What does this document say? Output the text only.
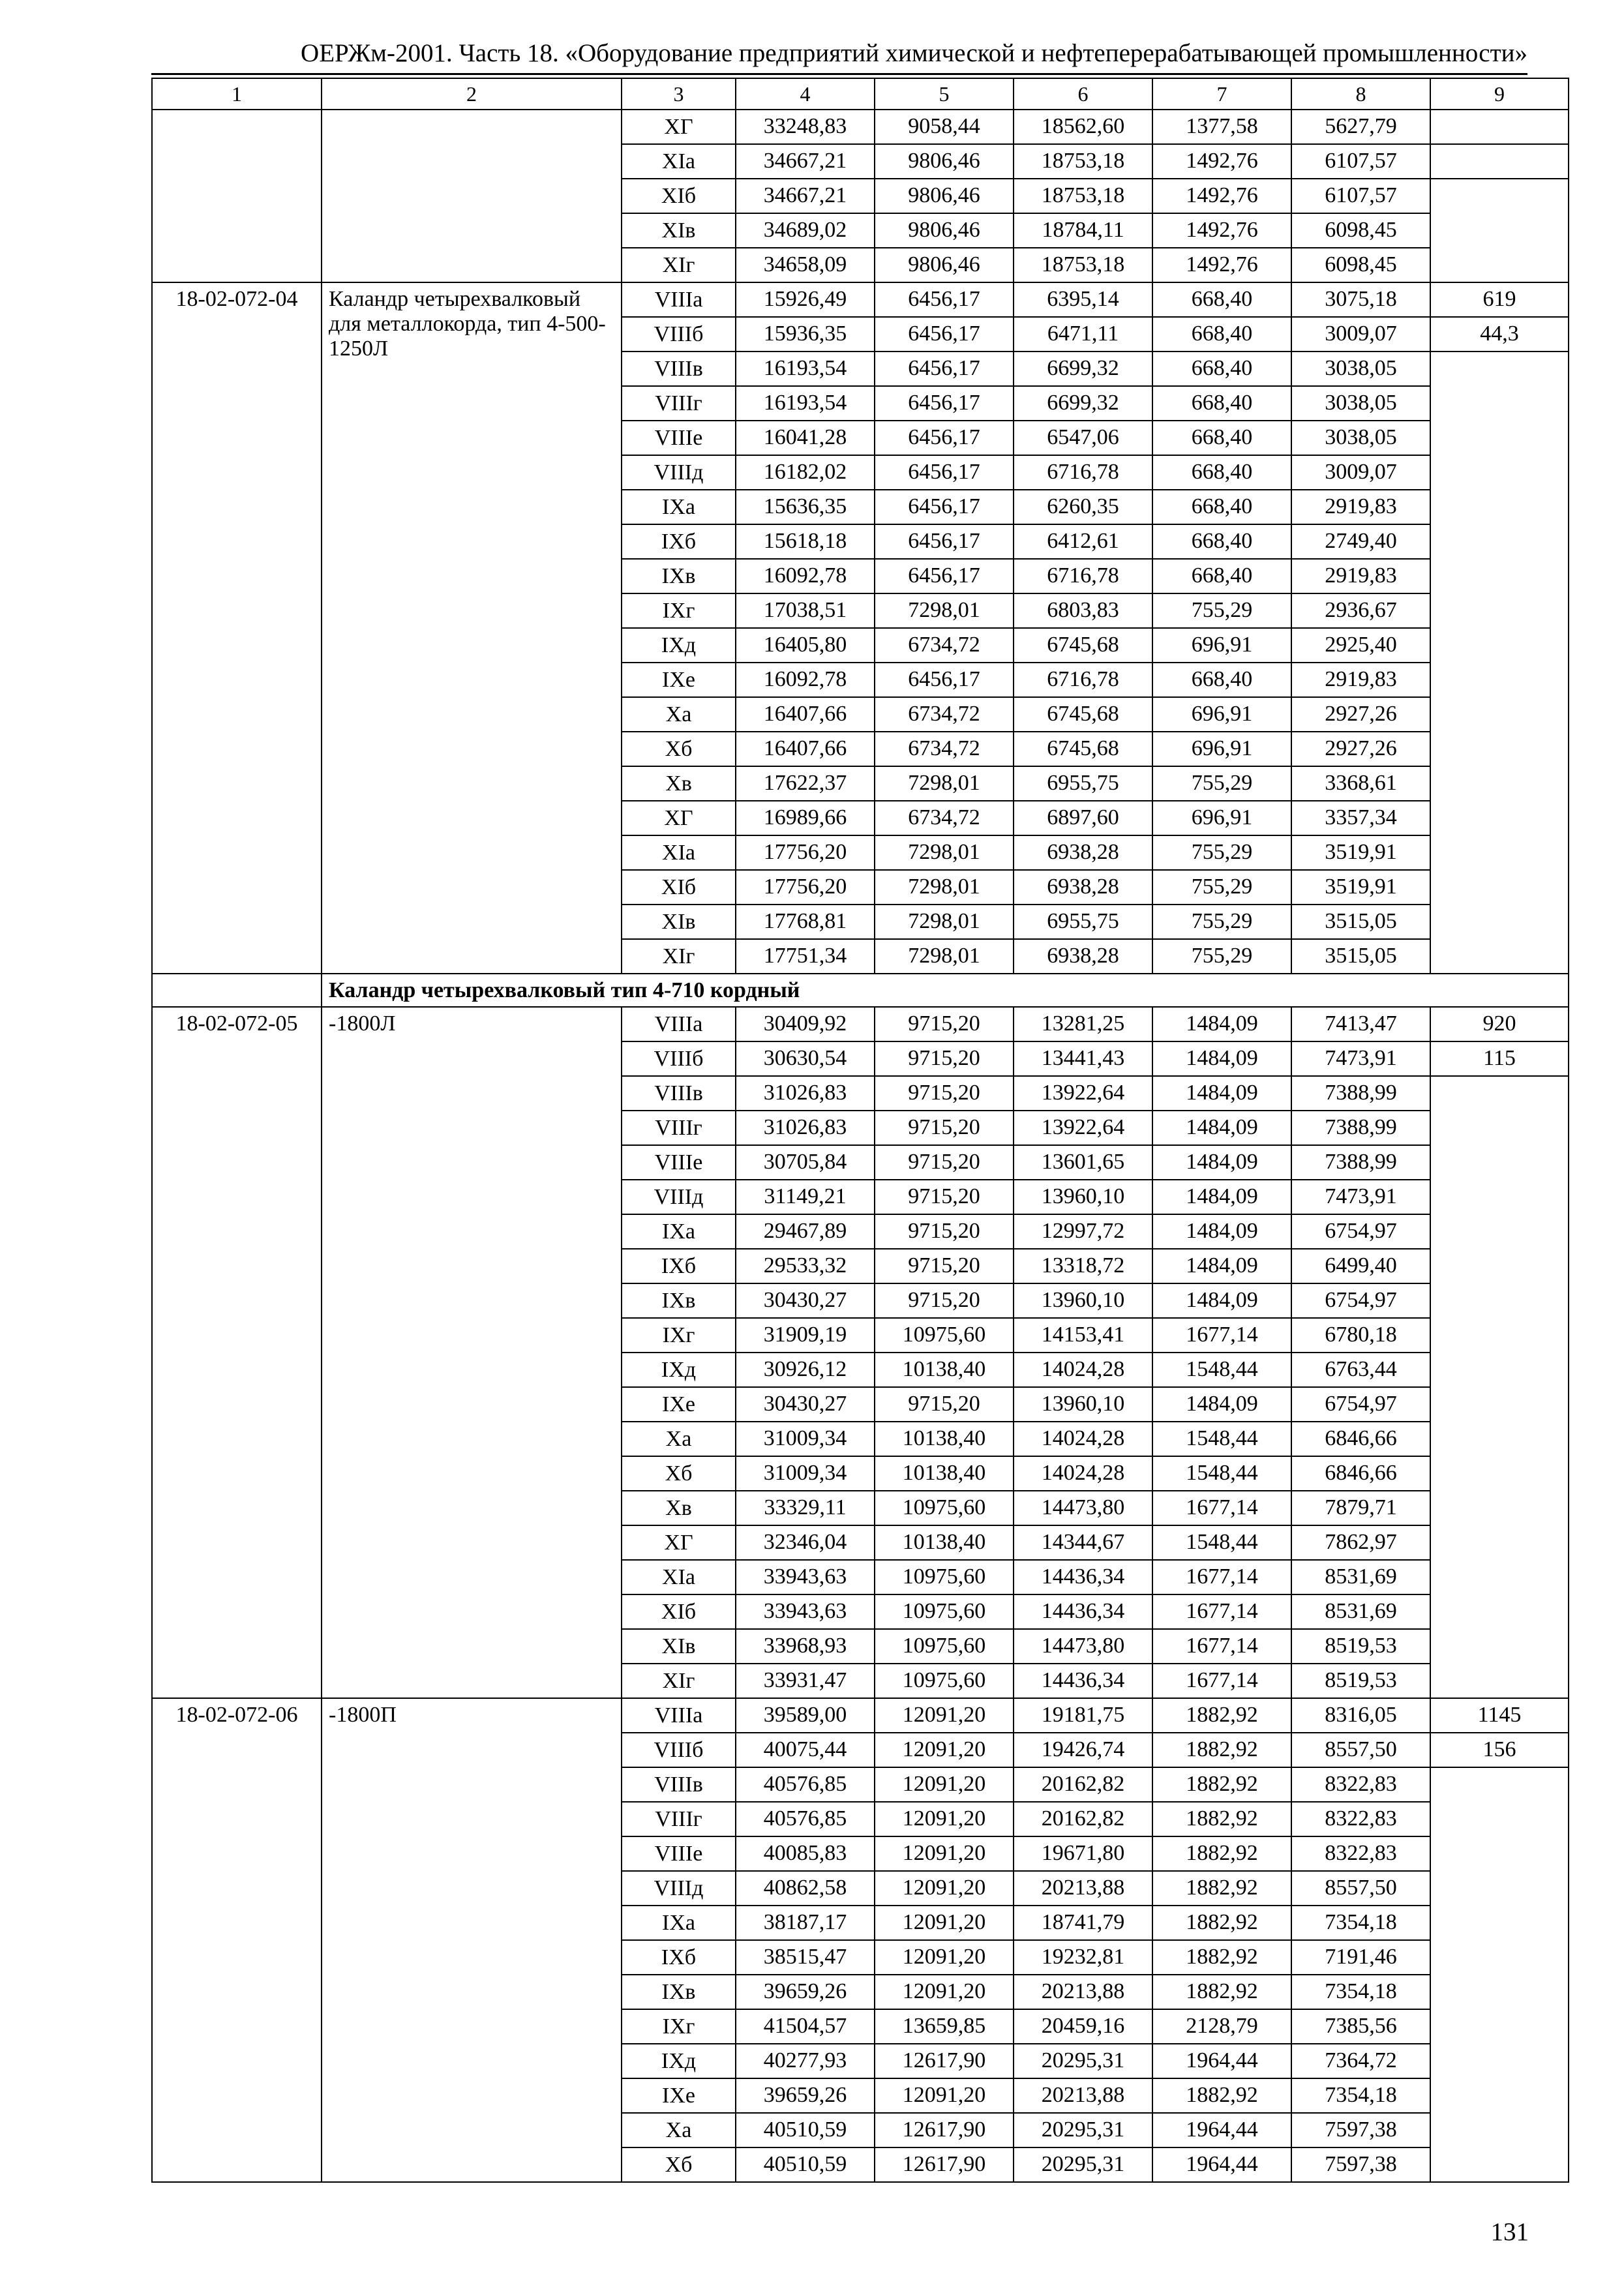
ОЕРЖм-2001. Часть 18. «Оборудование предприятий химической и нефтеперерабатывающей промышленности»
1	2	3	4	5	6	7	8	9
		XГ	33248,83	9058,44	18562,60	1377,58	5627,79	
		XIa	34667,21	9806,46	18753,18	1492,76	6107,57	
		XIб	34667,21	9806,46	18753,18	1492,76	6107,57	
		XIв	34689,02	9806,46	18784,11	1492,76	6098,45	
		XIг	34658,09	9806,46	18753,18	1492,76	6098,45	
18-02-072-04	Каландр четырехвалковый для металлокорда, тип 4-500-1250Л	VIIIa	15926,49	6456,17	6395,14	668,40	3075,18	619
		VIIIб	15936,35	6456,17	6471,11	668,40	3009,07	44,3
		VIIIв	16193,54	6456,17	6699,32	668,40	3038,05	
		VIIIг	16193,54	6456,17	6699,32	668,40	3038,05	
		VIIIe	16041,28	6456,17	6547,06	668,40	3038,05	
		VIIIд	16182,02	6456,17	6716,78	668,40	3009,07	
		IXa	15636,35	6456,17	6260,35	668,40	2919,83	
		IXб	15618,18	6456,17	6412,61	668,40	2749,40	
		IXв	16092,78	6456,17	6716,78	668,40	2919,83	
		IXг	17038,51	7298,01	6803,83	755,29	2936,67	
		IXд	16405,80	6734,72	6745,68	696,91	2925,40	
		IXe	16092,78	6456,17	6716,78	668,40	2919,83	
		Xa	16407,66	6734,72	6745,68	696,91	2927,26	
		Xб	16407,66	6734,72	6745,68	696,91	2927,26	
		Xв	17622,37	7298,01	6955,75	755,29	3368,61	
		XГ	16989,66	6734,72	6897,60	696,91	3357,34	
		XIa	17756,20	7298,01	6938,28	755,29	3519,91	
		XIб	17756,20	7298,01	6938,28	755,29	3519,91	
		XIв	17768,81	7298,01	6955,75	755,29	3515,05	
		XIг	17751,34	7298,01	6938,28	755,29	3515,05	
	Каландр четырехвалковый тип 4-710 кордный							
18-02-072-05	-1800Л	VIIIa	30409,92	9715,20	13281,25	1484,09	7413,47	920
		VIIIб	30630,54	9715,20	13441,43	1484,09	7473,91	115
		VIIIв	31026,83	9715,20	13922,64	1484,09	7388,99	
		VIIIг	31026,83	9715,20	13922,64	1484,09	7388,99	
		VIIIe	30705,84	9715,20	13601,65	1484,09	7388,99	
		VIIIд	31149,21	9715,20	13960,10	1484,09	7473,91	
		IXa	29467,89	9715,20	12997,72	1484,09	6754,97	
		IXб	29533,32	9715,20	13318,72	1484,09	6499,40	
		IXв	30430,27	9715,20	13960,10	1484,09	6754,97	
		IXг	31909,19	10975,60	14153,41	1677,14	6780,18	
		IXд	30926,12	10138,40	14024,28	1548,44	6763,44	
		IXe	30430,27	9715,20	13960,10	1484,09	6754,97	
		Xa	31009,34	10138,40	14024,28	1548,44	6846,66	
		Xб	31009,34	10138,40	14024,28	1548,44	6846,66	
		Xв	33329,11	10975,60	14473,80	1677,14	7879,71	
		XГ	32346,04	10138,40	14344,67	1548,44	7862,97	
		XIa	33943,63	10975,60	14436,34	1677,14	8531,69	
		XIб	33943,63	10975,60	14436,34	1677,14	8531,69	
		XIв	33968,93	10975,60	14473,80	1677,14	8519,53	
		XIг	33931,47	10975,60	14436,34	1677,14	8519,53	
18-02-072-06	-1800П	VIIIa	39589,00	12091,20	19181,75	1882,92	8316,05	1145
		VIIIб	40075,44	12091,20	19426,74	1882,92	8557,50	156
		VIIIв	40576,85	12091,20	20162,82	1882,92	8322,83	
		VIIIг	40576,85	12091,20	20162,82	1882,92	8322,83	
		VIIIe	40085,83	12091,20	19671,80	1882,92	8322,83	
		VIIIд	40862,58	12091,20	20213,88	1882,92	8557,50	
		IXa	38187,17	12091,20	18741,79	1882,92	7354,18	
		IXб	38515,47	12091,20	19232,81	1882,92	7191,46	
		IXв	39659,26	12091,20	20213,88	1882,92	7354,18	
		IXг	41504,57	13659,85	20459,16	2128,79	7385,56	
		IXд	40277,93	12617,90	20295,31	1964,44	7364,72	
		IXe	39659,26	12091,20	20213,88	1882,92	7354,18	
		Xa	40510,59	12617,90	20295,31	1964,44	7597,38	
		Xб	40510,59	12617,90	20295,31	1964,44	7597,38	
131
